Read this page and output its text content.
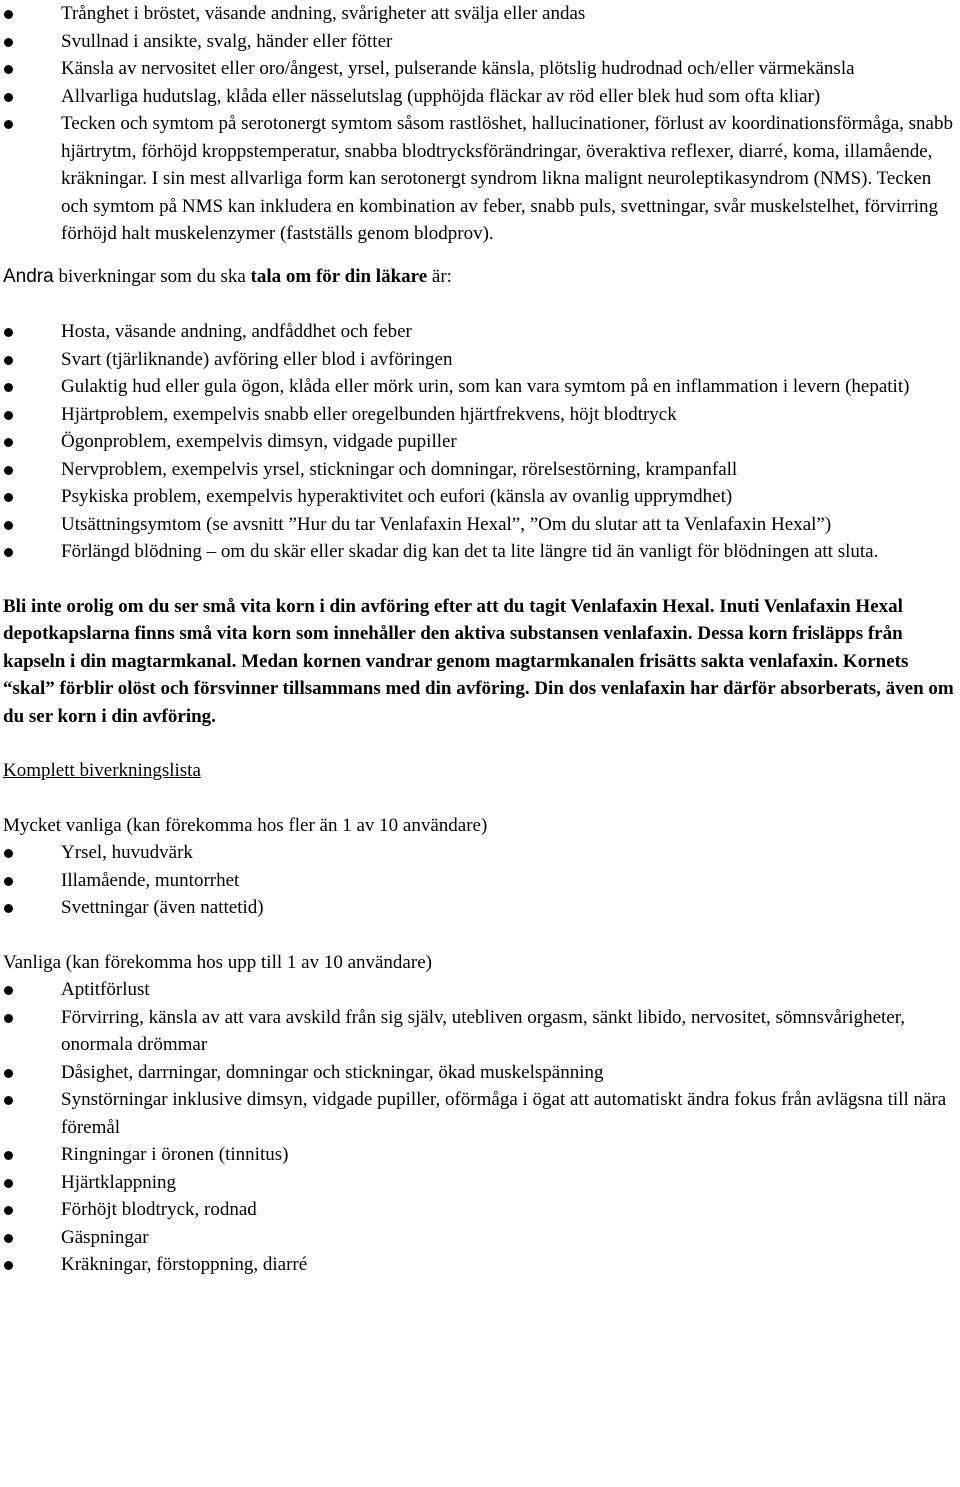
Trånghet i bröstet, väsande andning, svårigheter att svälja eller andas
Svullnad i ansikte, svalg, händer eller fötter
Känsla av nervositet eller oro/ångest, yrsel, pulserande känsla, plötslig hudrodnad och/eller värmekänsla
Allvarliga hudutslag, klåda eller nässelutslag (upphöjda fläckar av röd eller blek hud som ofta kliar)
Tecken och symtom på serotonergt symtom såsom rastlöshet, hallucinationer, förlust av koordinationsförmåga, snabb hjärtrytm, förhöjd kroppstemperatur, snabba blodtrycksförändringar, överaktiva reflexer, diarré, koma, illamående, kräkningar. I sin mest allvarliga form kan serotonergt syndrom likna malignt neuroleptikasyndrom (NMS). Tecken och symtom på NMS kan inkludera en kombination av feber, snabb puls, svettningar, svår muskelstelhet, förvirring förhöjd halt muskelenzymer (fastställs genom blodprov).

Andra biverkningar som du ska tala om för din läkare är:

Hosta, väsande andning, andfåddhet och feber
Svart (tjärliknande) avföring eller blod i avföringen
Gulaktig hud eller gula ögon, klåda eller mörk urin, som kan vara symtom på en inflammation i levern (hepatit)
Hjärtproblem, exempelvis snabb eller oregelbunden hjärtfrekvens, höjt blodtryck
Ögonproblem, exempelvis dimsyn, vidgade pupiller
Nervproblem, exempelvis yrsel, stickningar och domningar, rörelsestörning, krampanfall
Psykiska problem, exempelvis hyperaktivitet och eufori (känsla av ovanlig upprymdhet)
Utsättningsymtom (se avsnitt ”Hur du tar Venlafaxin Hexal”, ”Om du slutar att ta Venlafaxin Hexal”)
Förlängd blödning – om du skär eller skadar dig kan det ta lite längre tid än vanligt för blödningen att sluta.

Bli inte orolig om du ser små vita korn i din avföring efter att du tagit Venlafaxin Hexal. Inuti Venlafaxin Hexal depotkapslarna finns små vita korn som innehåller den aktiva substansen venlafaxin. Dessa korn frisläpps från kapseln i din magtarmkanal. Medan kornen vandrar genom magtarmkanalen frisätts sakta venlafaxin. Kornets “skal” förblir olöst och försvinner tillsammans med din avföring. Din dos venlafaxin har därför absorberats, även om du ser korn i din avföring.

Komplett biverkningslista

Mycket vanliga (kan förekomma hos fler än 1 av 10 användare)

Yrsel, huvudvärk
Illamående, muntorrhet
Svettningar (även nattetid)

Vanliga (kan förekomma hos upp till 1 av 10 användare)

Aptitförlust
Förvirring, känsla av att vara avskild från sig själv, utebliven orgasm, sänkt libido, nervositet, sömnsvårigheter, onormala drömmar
Dåsighet, darrningar, domningar och stickningar, ökad muskelspänning
Synstörningar inklusive dimsyn, vidgade pupiller, oförmåga i ögat att automatiskt ändra fokus från avlägsna till nära föremål
Ringningar i öronen (tinnitus)
Hjärtklappning
Förhöjt blodtryck, rodnad
Gäspningar
Kräkningar, förstoppning, diarré
